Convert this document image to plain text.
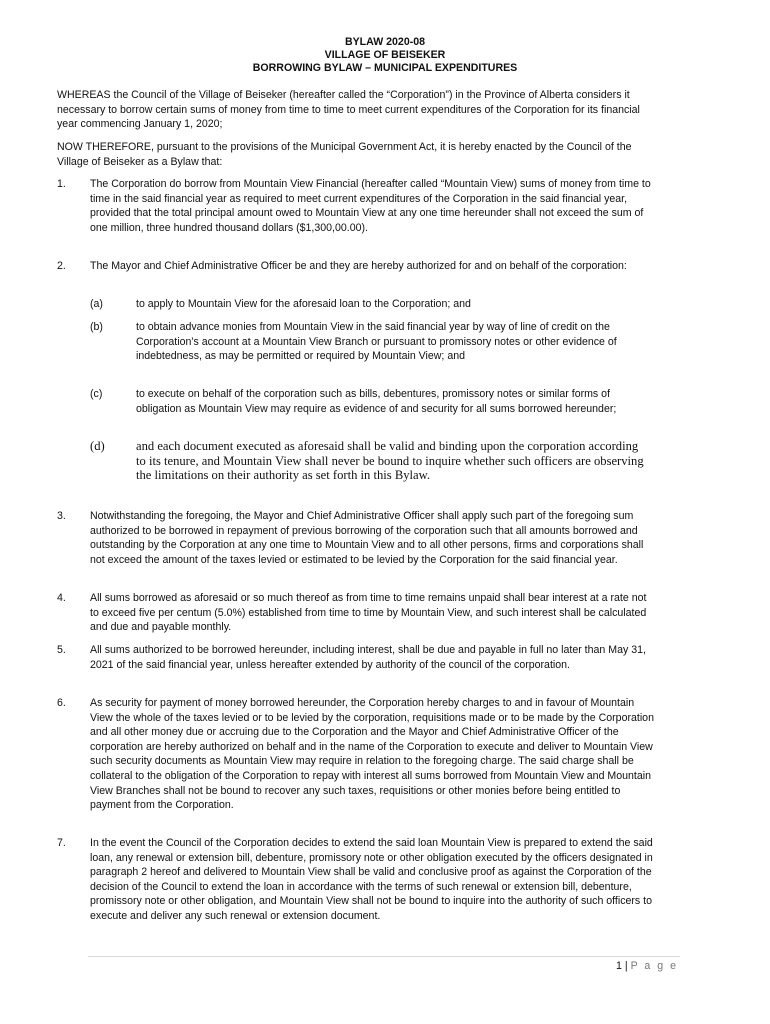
BYLAW 2020-08
VILLAGE OF BEISEKER
BORROWING BYLAW – MUNICIPAL EXPENDITURES
WHEREAS the Council of the Village of Beiseker (hereafter called the “Corporation”) in the Province of Alberta considers it necessary to borrow certain sums of money from time to time to meet current expenditures of the Corporation for its financial year commencing January 1, 2020;
NOW THEREFORE, pursuant to the provisions of the Municipal Government Act, it is hereby enacted by the Council of the Village of Beiseker as a Bylaw that:
1. The Corporation do borrow from Mountain View Financial (hereafter called “Mountain View) sums of money from time to time in the said financial year as required to meet current expenditures of the Corporation in the said financial year, provided that the total principal amount owed to Mountain View at any one time hereunder shall not exceed the sum of one million, three hundred thousand dollars ($1,300,00.00).
2. The Mayor and Chief Administrative Officer be and they are hereby authorized for and on behalf of the corporation:
(a)	to apply to Mountain View for the aforesaid loan to the Corporation; and
(b)	to obtain advance monies from Mountain View in the said financial year by way of line of credit on the Corporation’s account at a Mountain View Branch or pursuant to promissory notes or other evidence of indebtedness, as may be permitted or required by Mountain View; and
(c)	to execute on behalf of the corporation such as bills, debentures, promissory notes or similar forms of obligation as Mountain View may require as evidence of and security for all sums borrowed hereunder;
(d) and each document executed as aforesaid shall be valid and binding upon the corporation according to its tenure, and Mountain View shall never be bound to inquire whether such officers are observing the limitations on their authority as set forth in this Bylaw.
3. Notwithstanding the foregoing, the Mayor and Chief Administrative Officer shall apply such part of the foregoing sum authorized to be borrowed in repayment of previous borrowing of the corporation such that all amounts borrowed and outstanding by the Corporation at any one time to Mountain View and to all other persons, firms and corporations shall not exceed the amount of the taxes levied or estimated to be levied by the Corporation for the said financial year.
4. All sums borrowed as aforesaid or so much thereof as from time to time remains unpaid shall bear interest at a rate not to exceed five per centum (5.0%) established from time to time by Mountain View, and such interest shall be calculated and due and payable monthly.
5. All sums authorized to be borrowed hereunder, including interest, shall be due and payable in full no later than May 31, 2021 of the said financial year, unless hereafter extended by authority of the council of the corporation.
6. As security for payment of money borrowed hereunder, the Corporation hereby charges to and in favour of Mountain View the whole of the taxes levied or to be levied by the corporation, requisitions made or to be made by the Corporation and all other money due or accruing due to the Corporation and the Mayor and Chief Administrative Officer of the corporation are hereby authorized on behalf and in the name of the Corporation to execute and deliver to Mountain View such security documents as Mountain View may require in relation to the foregoing charge. The said charge shall be collateral to the obligation of the Corporation to repay with interest all sums borrowed from Mountain View and Mountain View Branches shall not be bound to recover any such taxes, requisitions or other monies before being entitled to payment from the Corporation.
7. In the event the Council of the Corporation decides to extend the said loan Mountain View is prepared to extend the said loan, any renewal or extension bill, debenture, promissory note or other obligation executed by the officers designated in paragraph 2 hereof and delivered to Mountain View shall be valid and conclusive proof as against the Corporation of the decision of the Council to extend the loan in accordance with the terms of such renewal or extension bill, debenture, promissory note or other obligation, and Mountain View shall not be bound to inquire into the authority of such officers to execute and deliver any such renewal or extension document.
1 | P a g e
